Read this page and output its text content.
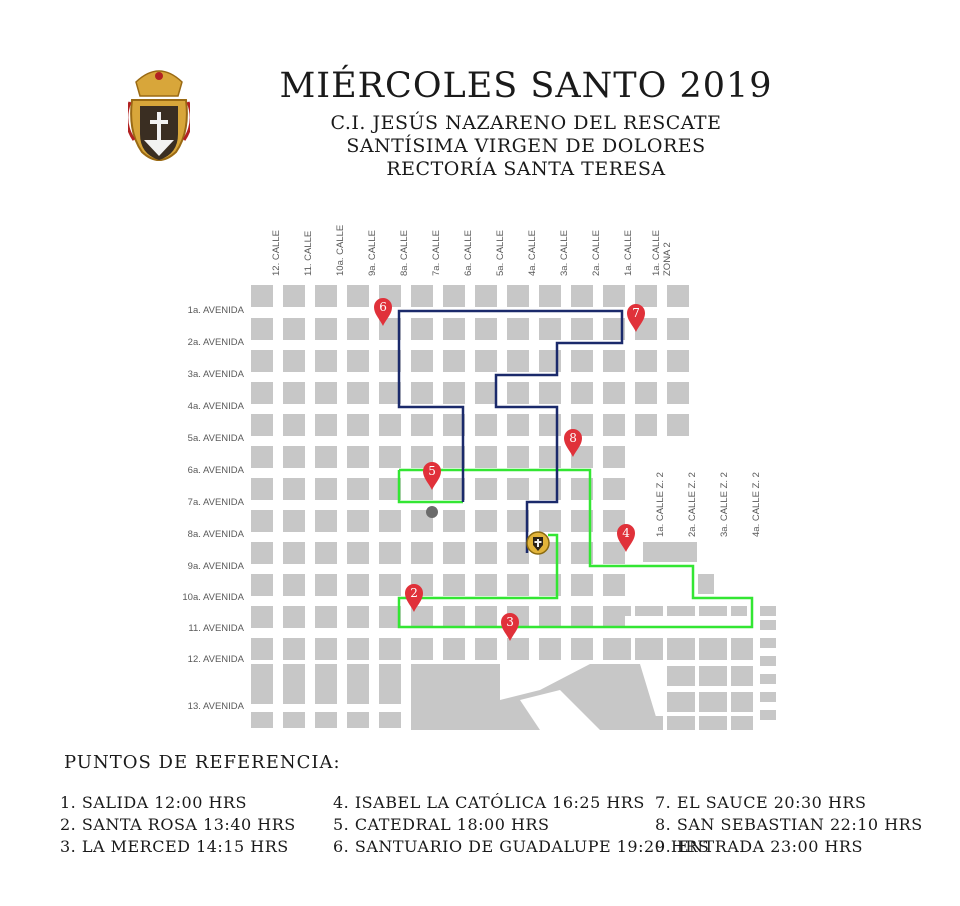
12. CALLE 11. CALLE 10a. CALLE 9a. CALLE 8a. CALLE 7a. CALLE 6a. CALLE 5a. CALLE 4a. CALLE 3a. CALLE 2a. CALLE 1a. CALLE 1a. CALLE ZONA 2
1a. CALLE Z. 2 2a. CALLE Z. 2 3a. CALLE Z. 2 4a. CALLE Z. 2
1a. AVENIDA
2a. AVENIDA
3a. AVENIDA
4a. AVENIDA
5a. AVENIDA
6a. AVENIDA
7a. AVENIDA
8a. AVENIDA
9a. AVENIDA
10a. AVENIDA
11. AVENIDA
12. AVENIDA
13. AVENIDA
2
3
4
5
6	7
8
MIÉRCOLES SANTO 2019

C.I. JESÚS NAZARENO DEL RESCATE

SANTÍSIMA VIRGEN DE DOLORES

RECTORÍA SANTA TERESA

PUNTOS DE REFERENCIA:
1. SALIDA 12:00 HRS
2. SANTA ROSA 13:40 HRS
3. LA MERCED 14:15 HRS
4. ISABEL LA CATÓLICA 16:25 HRS
5. CATEDRAL 18:00 HRS
6. SANTUARIO DE GUADALUPE 19:20 HRS
7. EL SAUCE 20:30 HRS
8. SAN SEBASTIAN 22:10 HRS
9. ENTRADA 23:00 HRS
